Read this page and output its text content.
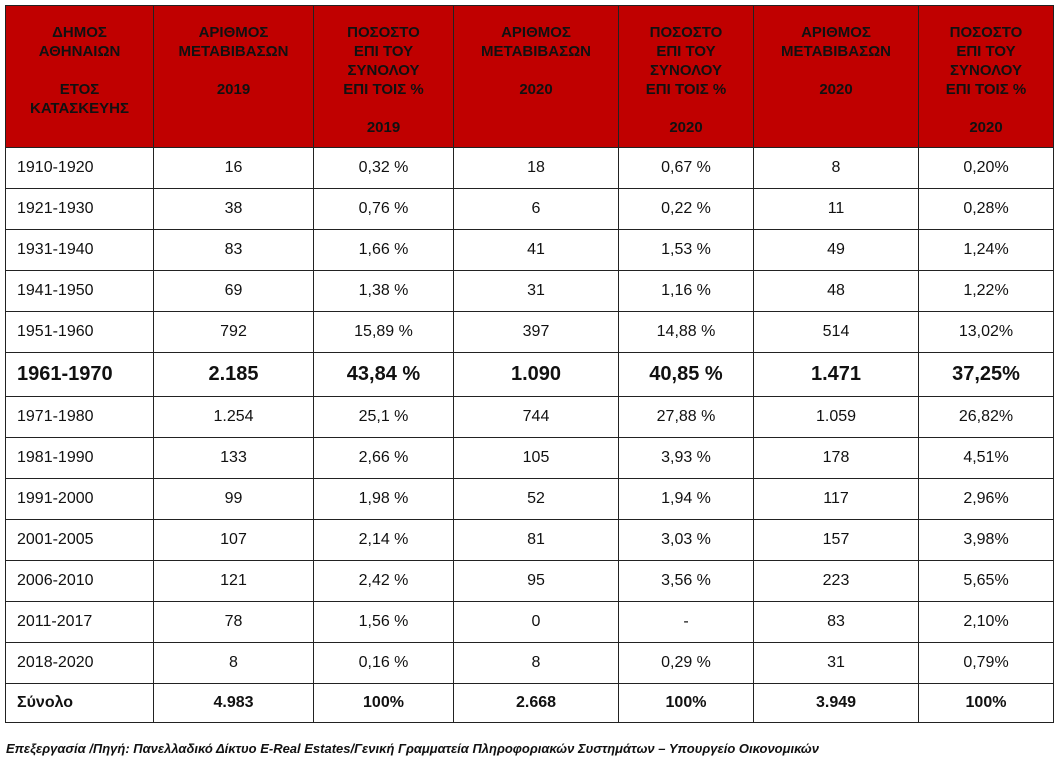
ΔΗΜΟΣ
ΑΘΗΝΑΙΩΝ
ΕΤΟΣ
ΚΑΤΑΣΚΕΥΗΣ	ΑΡΙΘΜΟΣ
ΜΕΤΑΒΙΒΑΣΩΝ
2019	ΠΟΣΟΣΤΟ
ΕΠΙ ΤΟΥ
ΣΥΝΟΛΟΥ
ΕΠΙ ΤΟΙΣ %
2019	ΑΡΙΘΜΟΣ
ΜΕΤΑΒΙΒΑΣΩΝ
2020	ΠΟΣΟΣΤΟ
ΕΠΙ ΤΟΥ
ΣΥΝΟΛΟΥ
ΕΠΙ ΤΟΙΣ %
2020	ΑΡΙΘΜΟΣ
ΜΕΤΑΒΙΒΑΣΩΝ
2020	ΠΟΣΟΣΤΟ
ΕΠΙ ΤΟΥ
ΣΥΝΟΛΟΥ
ΕΠΙ ΤΟΙΣ %
2020

1910-1920	16	0,32 %	18	0,67 %	8	0,20%
1921-1930	38	0,76 %	6	0,22 %	11	0,28%
1931-1940	83	1,66 %	41	1,53 %	49	1,24%
1941-1950	69	1,38 %	31	1,16 %	48	1,22%
1951-1960	792	15,89 %	397	14,88 %	514	13,02%
1961-1970	2.185	43,84 %	1.090	40,85 %	1.471	37,25%
1971-1980	1.254	25,1 %	744	27,88 %	1.059	26,82%
1981-1990	133	2,66 %	105	3,93 %	178	4,51%
1991-2000	99	1,98 %	52	1,94 %	117	2,96%
2001-2005	107	2,14 %	81	3,03 %	157	3,98%
2006-2010	121	2,42 %	95	3,56 %	223	5,65%
2011-2017	78	1,56 %	0	-	83	2,10%
2018-2020	8	0,16 %	8	0,29 %	31	0,79%
Σύνολο	4.983	100%	2.668	100%	3.949	100%
Επεξεργασία /Πηγή: Πανελλαδικό Δίκτυο E-Real Estates/Γενική Γραμματεία Πληροφοριακών Συστημάτων – Υπουργείο Οικονομικών
